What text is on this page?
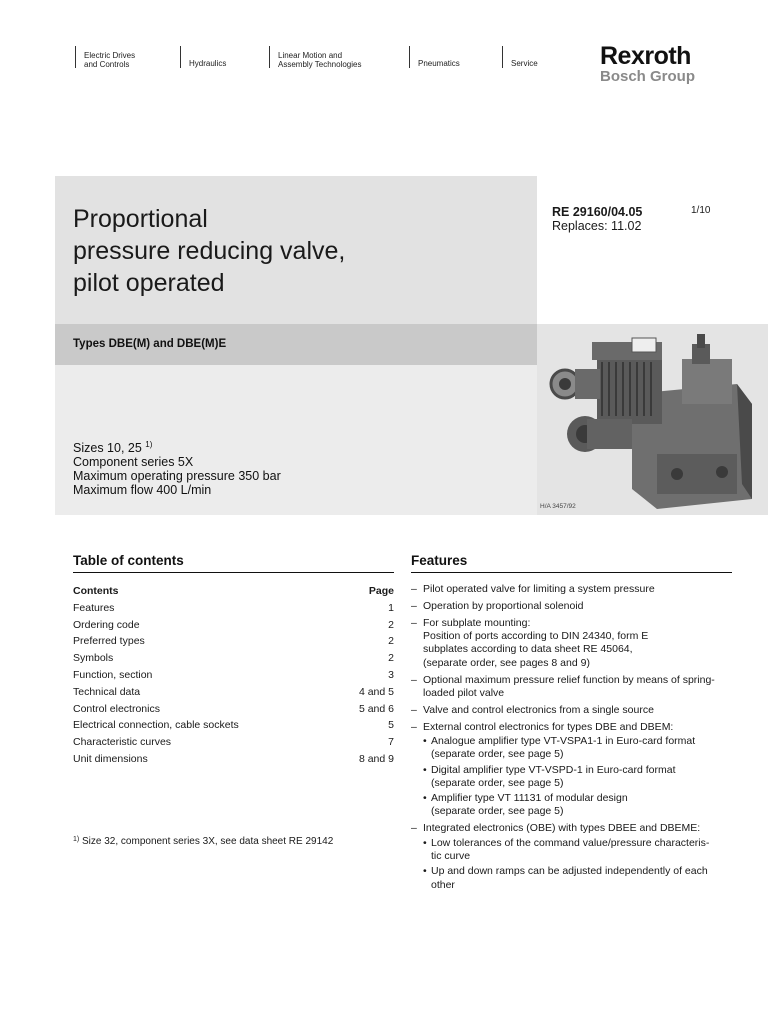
Electric Drives
and Controls	Hydraulics
Linear Motion and
Assembly Technologies	Pneumatics	Service Rexroth
Bosch Group
Proportional
pressure reducing valve,
pilot operated
RE 29160/04.05
Replaces: 11.02
1/10
Types DBE(M) and DBE(M)E
Sizes 10, 25 $^{1)}$
Component series 5X
Maximum operating pressure 350 bar
Maximum flow 400 L/min
H/A 3457/92
Table of contents
Contents	Page
Features	1
Ordering code	2
Preferred types	2
Symbols	2
Function, section	3
Technical data	4 and 5
Control electronics	5 and 6
Electrical connection, cable sockets	5
Characteristic curves	7
Unit dimensions	8 and 9
$^{1)}$ Size 32, component series 3X, see data sheet RE 29142
Features
– Pilot operated valve for limiting a system pressure
– Operation by proportional solenoid
– For subplate mounting:
Position of ports according to DIN 24340, form E
subplates according to data sheet RE 45064,
(separate order, see pages 8 and 9)
– Optional maximum pressure relief function by means of spring-
loaded pilot valve
– Valve and control electronics from a single source
– External control electronics for types DBE and DBEM:
• Analogue amplifier type VT-VSPA1-1 in Euro-card format
(separate order, see page 5)
• Digital amplifier type VT-VSPD-1 in Euro-card format
(separate order, see page 5)
• Amplifier type VT 11131 of modular design
(separate order, see page 5)
– Integrated electronics (OBE) with types DBEE and DBEME:
• Low tolerances of the command value/pressure characteris-
tic curve
• Up and down ramps can be adjusted independently of each
other
